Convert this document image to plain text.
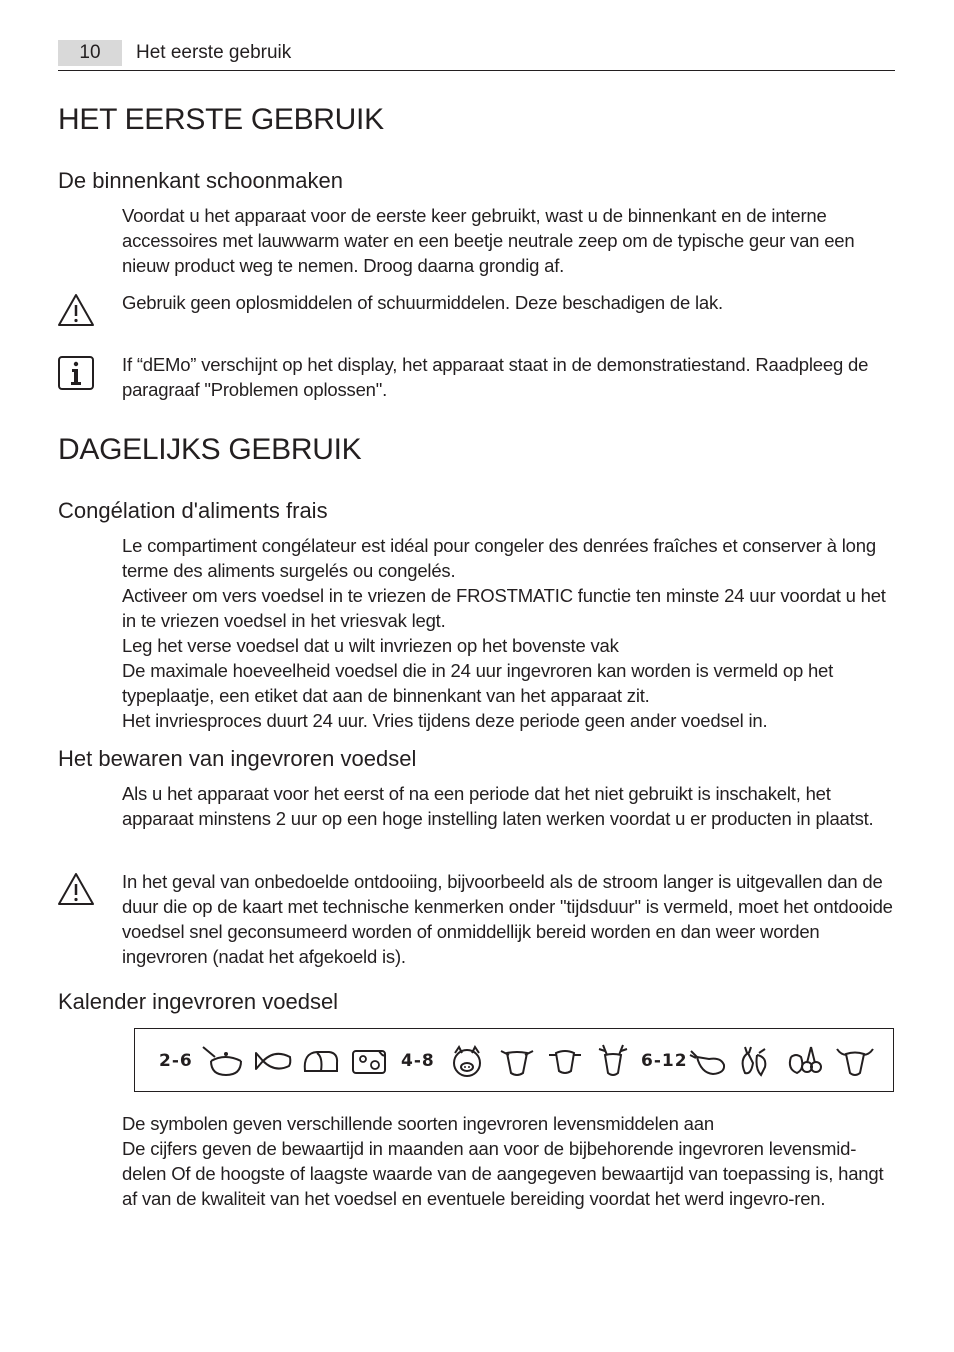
10	Het eerste gebruik
HET EERSTE GEBRUIK
De binnenkant schoonmaken

Voordat u het apparaat voor de eerste keer gebruikt, wast u de binnenkant en de interne accessoires met lauwwarm water en een beetje neutrale zeep om de typische geur van een nieuw product weg te nemen. Droog daarna grondig af.

Gebruik geen oplosmiddelen of schuurmiddelen. Deze beschadigen de lak.

If “dEMo” verschijnt op het display, het apparaat staat in de demonstratiestand. Raadpleeg de paragraaf "Problemen oplossen".

DAGELIJKS GEBRUIK
Congélation d'aliments frais
Le compartiment congélateur est idéal pour congeler des denrées fraîches et conserver à long terme des aliments surgelés ou congelés.
Activeer om vers voedsel in te vriezen de FROSTMATIC functie ten minste 24 uur voordat u het in te vriezen voedsel in het vriesvak legt.
Leg het verse voedsel dat u wilt invriezen op het bovenste vak
De maximale hoeveelheid voedsel die in 24 uur ingevroren kan worden is vermeld op het typeplaatje, een etiket dat aan de binnenkant van het apparaat zit.
Het invriesproces duurt 24 uur. Vries tijdens deze periode geen ander voedsel in.
Het bewaren van ingevroren voedsel

Als u het apparaat voor het eerst of na een periode dat het niet gebruikt is inschakelt, het apparaat minstens 2 uur op een hoge instelling laten werken voordat u er producten in plaatst.

In het geval van onbedoelde ontdooiing, bijvoorbeeld als de stroom langer is uitgevallen dan de duur die op de kaart met technische kenmerken onder "tijdsduur" is vermeld, moet het ontdooide voedsel snel geconsumeerd worden of onmiddellijk bereid worden en dan weer worden ingevroren (nadat het afgekoeld is).

Kalender ingevroren voedsel
2-6	4-8	6-12
De symbolen geven verschillende soorten ingevroren levensmiddelen aan
De cijfers geven de bewaartijd in maanden aan voor de bijbehorende ingevroren levensmid-delen Of de hoogste of laagste waarde van de aangegeven bewaartijd van toepassing is, hangt af van de kwaliteit van het voedsel en eventuele bereiding voordat het werd ingevro-ren.
